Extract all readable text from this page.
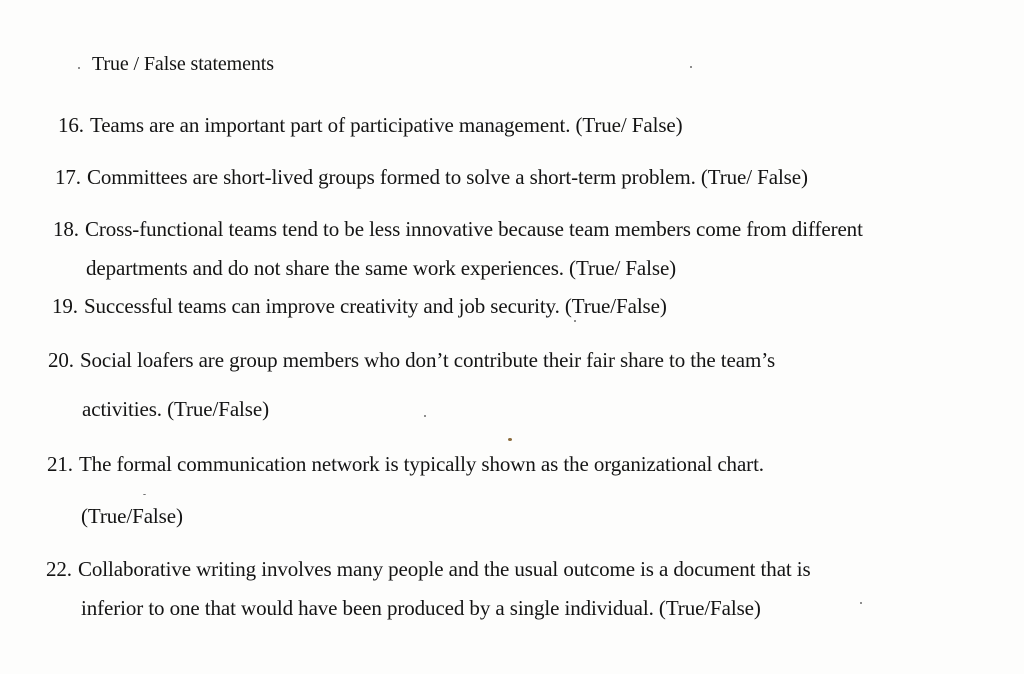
True / False statements
16. Teams are an important part of participative management. (True/ False)
17. Committees are short-lived groups formed to solve a short-term problem. (True/ False)
18. Cross-functional teams tend to be less innovative because team members come from different
departments and do not share the same work experiences. (True/ False)
19. Successful teams can improve creativity and job security. (True/False)
20. Social loafers are group members who don’t contribute their fair share to the team’s
activities. (True/False)
21. The formal communication network is typically shown as the organizational chart.
(True/False)
22. Collaborative writing involves many people and the usual outcome is a document that is
inferior to one that would have been produced by a single individual. (True/False)
